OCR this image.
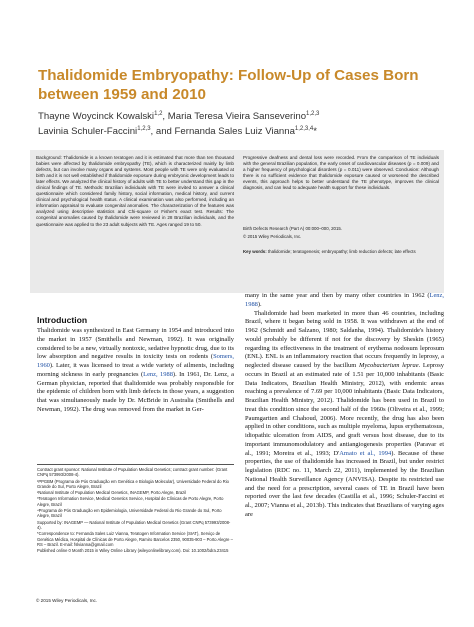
Thalidomide Embryopathy: Follow-Up of Cases Born between 1959 and 2010
Thayne Woycinck Kowalski$^{1,2}$, Maria Teresa Vieira Sanseverino$^{1,2,3}$
Lavinia Schuler-Faccini$^{1,2,3}$, and Fernanda Sales Luiz Vianna$^{1,2,3,4}$*
Background: Thalidomide is a known teratogen and it is estimated that more than ten thousand babies were affected by thalidomide embryopathy (TE), which is characterized mainly by limb defects, but can involve many organs and systems. Most people with TE were only evaluated at birth and it is not well established if thalidomide exposure during embryonic development leads to later effects. We analyzed the clinical history of adults with TE to better understand this gap in the clinical findings of TE. Methods: Brazilian individuals with TE were invited to answer a clinical questionnaire which considered family history, social information, medical history, and current clinical and psychological health status. A clinical examination was also performed, including an information appraisal to evaluate congenital anomalies. The characterization of the features was analyzed using descriptive statistics and Chi-square or Fisher's exact test. Results: The congenital anomalies caused by thalidomide were reviewed in 28 Brazilian individuals, and the questionnaire was applied to the 23 adult subjects with TE. Ages ranged 19 to 50.
Progressive deafness and dental loss were recorded. From the comparison of TE individuals with the general Brazilian population, the early onset of cardiovascular diseases (p = 0.009) and a higher frequency of psychological disorders (p = 0.011) were observed. Conclusion: Although there is no sufficient evidence that thalidomide exposure caused or worsened the described events, this approach helps to better understand the TE phenotype, improves the clinical diagnosis, and can lead to adequate health support for these individuals.
Birth Defects Research (Part A) 00:000–000, 2015.
© 2015 Wiley Periodicals, Inc.
Key words: thalidomide; teratogenesis; embryopathy; limb reduction defects; late effects
Introduction

Thalidomide was synthesized in East Germany in 1954 and introduced into the market in 1957 (Smithells and Newman, 1992). It was originally considered to be a new, virtually nontoxic, sedative hypnotic drug, due to its low absorption and negative results in toxicity tests on rodents (Somers, 1960). Later, it was licensed to treat a wide variety of ailments, including morning sickness in early pregnancies (Lenz, 1988). In 1961, Dr. Lenz, a German physician, reported that thalidomide was probably responsible for the epidemic of children born with limb defects in those years, a suggestion that was simultaneously made by Dr. McBride in Australia (Smithells and Newman, 1992). The drug was removed from the market in Ger-

many in the same year and then by many other countries in 1962 (Lenz, 1988).

Thalidomide had been marketed in more than 46 countries, including Brazil, where it began being sold in 1958. It was withdrawn at the end of 1962 (Schmidt and Salzano, 1980; Saldanha, 1994). Thalidomide's history would probably be different if not for the discovery by Sheskin (1965) regarding its effectiveness in the treatment of erythema nodosum leprosum (ENL). ENL is an inflammatory reaction that occurs frequently in leprosy, a neglected disease caused by the bacillum Mycobacterium leprae. Leprosy occurs in Brazil at an estimated rate of 1.51 per 10,000 inhabitants (Basic Data Indicators, Brazilian Health Ministry, 2012), with endemic areas reaching a prevalence of 7.69 per 10,000 inhabitants (Basic Data Indicators, Brazilian Health Ministry, 2012). Thalidomide has been used in Brazil to treat this condition since the second half of the 1960s (Oliveira et al., 1999; Paumgartten and Chahoud, 2006). More recently, the drug has also been applied in other conditions, such as multiple myeloma, lupus erythematosus, idiopathic ulceration from AIDS, and graft versus host disease, due to its important immunomodulatory and antiangiogenesis properties (Paravar et al., 1991; Moreira et al., 1993; D'Amato et al., 1994). Because of these properties, the use of thalidomide has increased in Brazil, but under restrict legislation (RDC no. 11, March 22, 2011), implemented by the Brazilian National Health Surveillance Agency (ANVISA). Despite its restricted use and the need for a prescription, several cases of TE in Brazil have been reported over the last few decades (Castilla et al., 1996; Schuler-Faccini et al., 2007; Vianna et al., 2013b). This indicates that Brazilians of varying ages are

Contract grant sponsor: National Institute of Population Medical Genetics; contract grant number: (Grant CNPq 573993/2008-4).
¹PPGBM (Programa de Pós Graduação em Genética e Biologia Molecular), Universidade Federal do Rio Grande do Sul, Porto Alegre, Brazil
²National Institute of Population Medical Genetics, INAGEMP, Porto Alegre, Brazil
³Teratogen Information Service, Medical Genetics Service, Hospital de Clínicas de Porto Alegre, Porto Alegre, Brazil
⁴Programa de Pós Graduação em Epidemiologia, Universidade Federal do Rio Grande do Sul, Porto Alegre, Brazil
Supported by: INAGEMP — National Institute of Population Medical Genetics (Grant CNPq 573993/2008-4).
*Correspondence to: Fernanda Sales Luiz Vianna, Teratogen Information Service (SIAT), Serviço de Genética Médica, Hospital de Clínicas de Porto Alegre, Ramiro Barcelos 2350, 90035-903 – Porto Alegre – RS – Brazil. E-mail: fslvianna@gmail.com
Published online 0 Month 2015 in Wiley Online Library (wileyonlinelibrary.com). Doi: 10.1002/bdra.23415
© 2015 Wiley Periodicals, Inc.
